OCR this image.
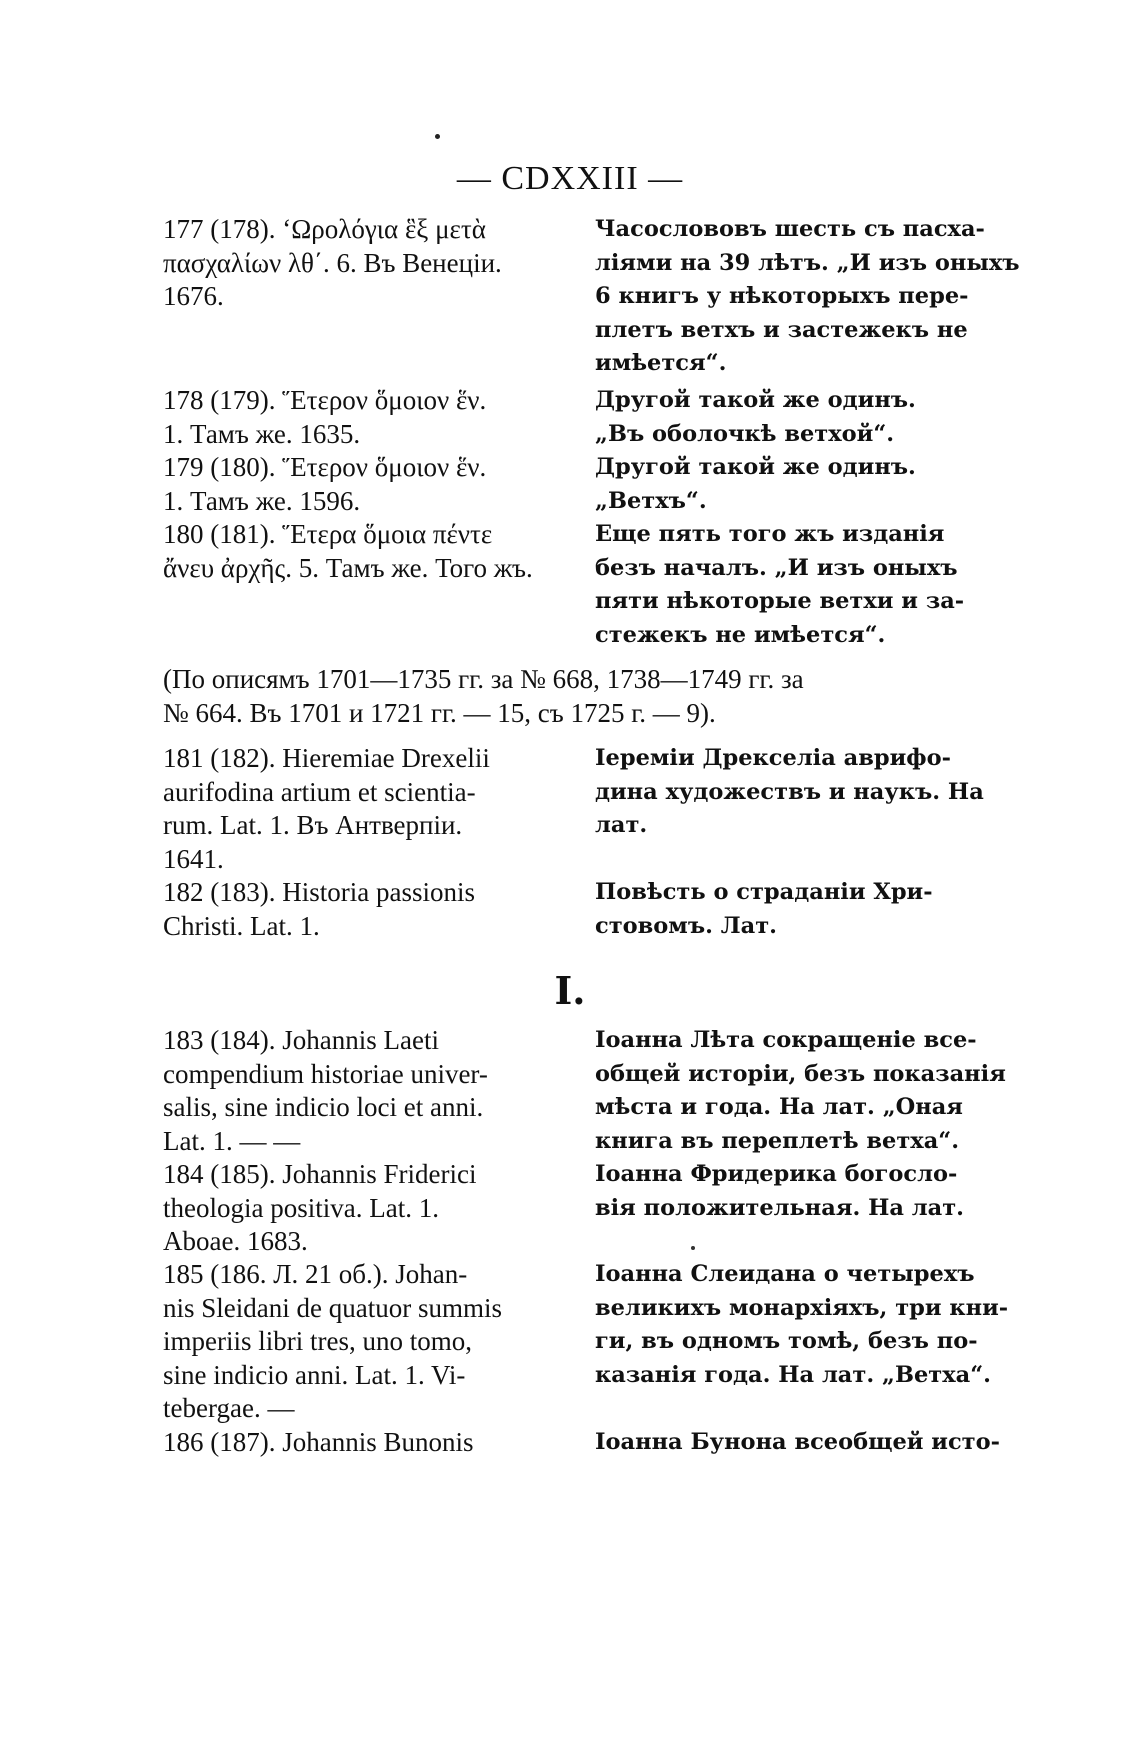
— CDXXIII —
177 (178). ‘Ωρολόγια ἓξ μετὰ
πασχαλίων λθ΄. 6. Въ Венеціи.
1676.
Часослововъ шесть съ пасха-
ліями на 39 лѣтъ. „И изъ оныхъ
6 книгъ у нѣкоторыхъ пере-
плетъ ветхъ и застежекъ не
имѣется“.
178 (179). Ἕτερον ὅμοιον ἕν.
1. Тамъ же. 1635.
Другой такой же одинъ.
„Въ оболочкѣ ветхой“.
179 (180). Ἕτερον ὅμοιον ἕν.
1. Тамъ же. 1596.
Другой такой же одинъ.
„Ветхъ“.
180 (181). Ἕτερα ὅμοια πέντε
ἄνευ ἀρχῆς. 5. Тамъ же. Того жъ.
Еще пять того жъ изданія
безъ началъ. „И изъ оныхъ
пяти нѣкоторые ветхи и за-
стежекъ не имѣется“.
(По описямъ 1701—1735 гг. за № 668, 1738—1749 гг. за
№ 664. Въ 1701 и 1721 гг. — 15, съ 1725 г. — 9).
181 (182). Hieremiae Drexelii
aurifodina artium et scientia-
rum. Lat. 1. Въ Антверпіи.
1641.
Іереміи Дрекселіа аврифо-
дина художествъ и наукъ. На
лат.
182 (183). Historia passionis
Christi. Lat. 1.
Повѣсть о страданіи Хри-
стовомъ. Лат.
I.
183 (184). Johannis Laeti
compendium historiae univer-
salis, sine indicio loci et anni.
Lat. 1. — —
Іоанна Лѣта сокращеніе все-
общей исторіи, безъ показанія
мѣста и года. На лат. „Оная
книга въ переплетѣ ветха“.
184 (185). Johannis Friderici
theologia positiva. Lat. 1.
Aboae. 1683.
Іоанна Фридерика богосло-
вія положительная. На лат.
185 (186. Л. 21 об.). Johan-
nis Sleidani de quatuor summis
imperiis libri tres, uno tomo,
sine indicio anni. Lat. 1. Vi-
tebergae. —
Іоанна Слеидана о четырехъ
великихъ монархіяхъ, три кни-
ги, въ одномъ томѣ, безъ по-
казанія года. На лат. „Ветха“.
186 (187). Johannis Bunonis	Іоанна Бунона всеобщей исто-
